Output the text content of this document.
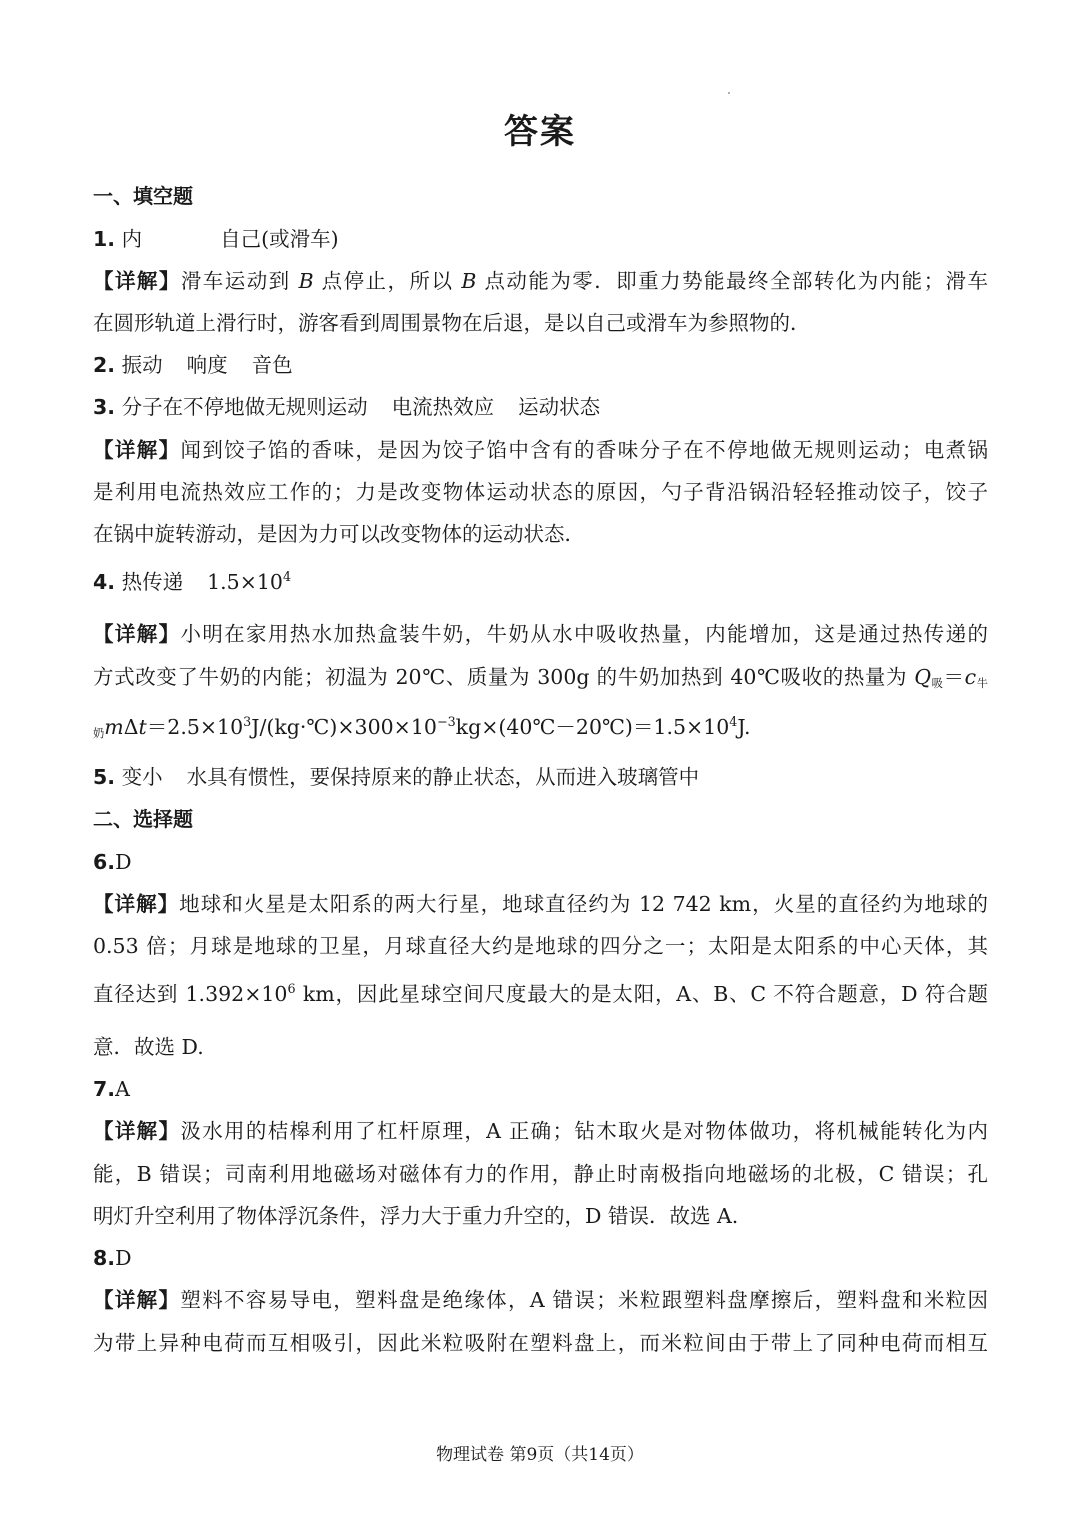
答案
一、填空题
1. 内	自己(或滑车)
【详解】滑车运动到 B 点停止，所以 B 点动能为零．即重力势能最终全部转化为内能；滑车
在圆形轨道上滑行时，游客看到周围景物在后退，是以自己或滑车为参照物的．
2. 振动 响度 音色
3. 分子在不停地做无规则运动 电流热效应 运动状态
【详解】闻到饺子馅的香味，是因为饺子馅中含有的香味分子在不停地做无规则运动；电煮锅
是利用电流热效应工作的；力是改变物体运动状态的原因，勺子背沿锅沿轻轻推动饺子，饺子
在锅中旋转游动，是因为力可以改变物体的运动状态．
4. 热传递 $1.5\times 10^4$
【详解】小明在家用热水加热盒装牛奶，牛奶从水中吸收热量，内能增加，这是通过热传递的
方式改变了牛奶的内能；初温为 20℃、质量为 300g 的牛奶加热到 40℃吸收的热量为 $Q_吸=c_牛$
$_奶m\Delta t=2.5\times 10^3J/(kg\cdot℃)\times 300\times 10^{-3}kg\times(40℃-20℃)=1.5\times 10^4J$.
5. 变小 水具有惯性，要保持原来的静止状态，从而进入玻璃管中
二、选择题
6.D
【详解】地球和火星是太阳系的两大行星，地球直径约为 12 742 km，火星的直径约为地球的
0.53 倍；月球是地球的卫星，月球直径大约是地球的四分之一；太阳是太阳系的中心天体，其
直径达到 $1.392\times 10^6$ km，因此星球空间尺度最大的是太阳，A、B、C 不符合题意，D 符合题
意．故选 D.
7.A
【详解】汲水用的桔槔利用了杠杆原理，A 正确；钻木取火是对物体做功，将机械能转化为内
能，B 错误；司南利用地磁场对磁体有力的作用，静止时南极指向地磁场的北极，C 错误；孔
明灯升空利用了物体浮沉条件，浮力大于重力升空的，D 错误．故选 A.
8.D
【详解】塑料不容易导电，塑料盘是绝缘体，A 错误；米粒跟塑料盘摩擦后，塑料盘和米粒因
为带上异种电荷而互相吸引，因此米粒吸附在塑料盘上，而米粒间由于带上了同种电荷而相互
物理试卷 第9页（共14页）
